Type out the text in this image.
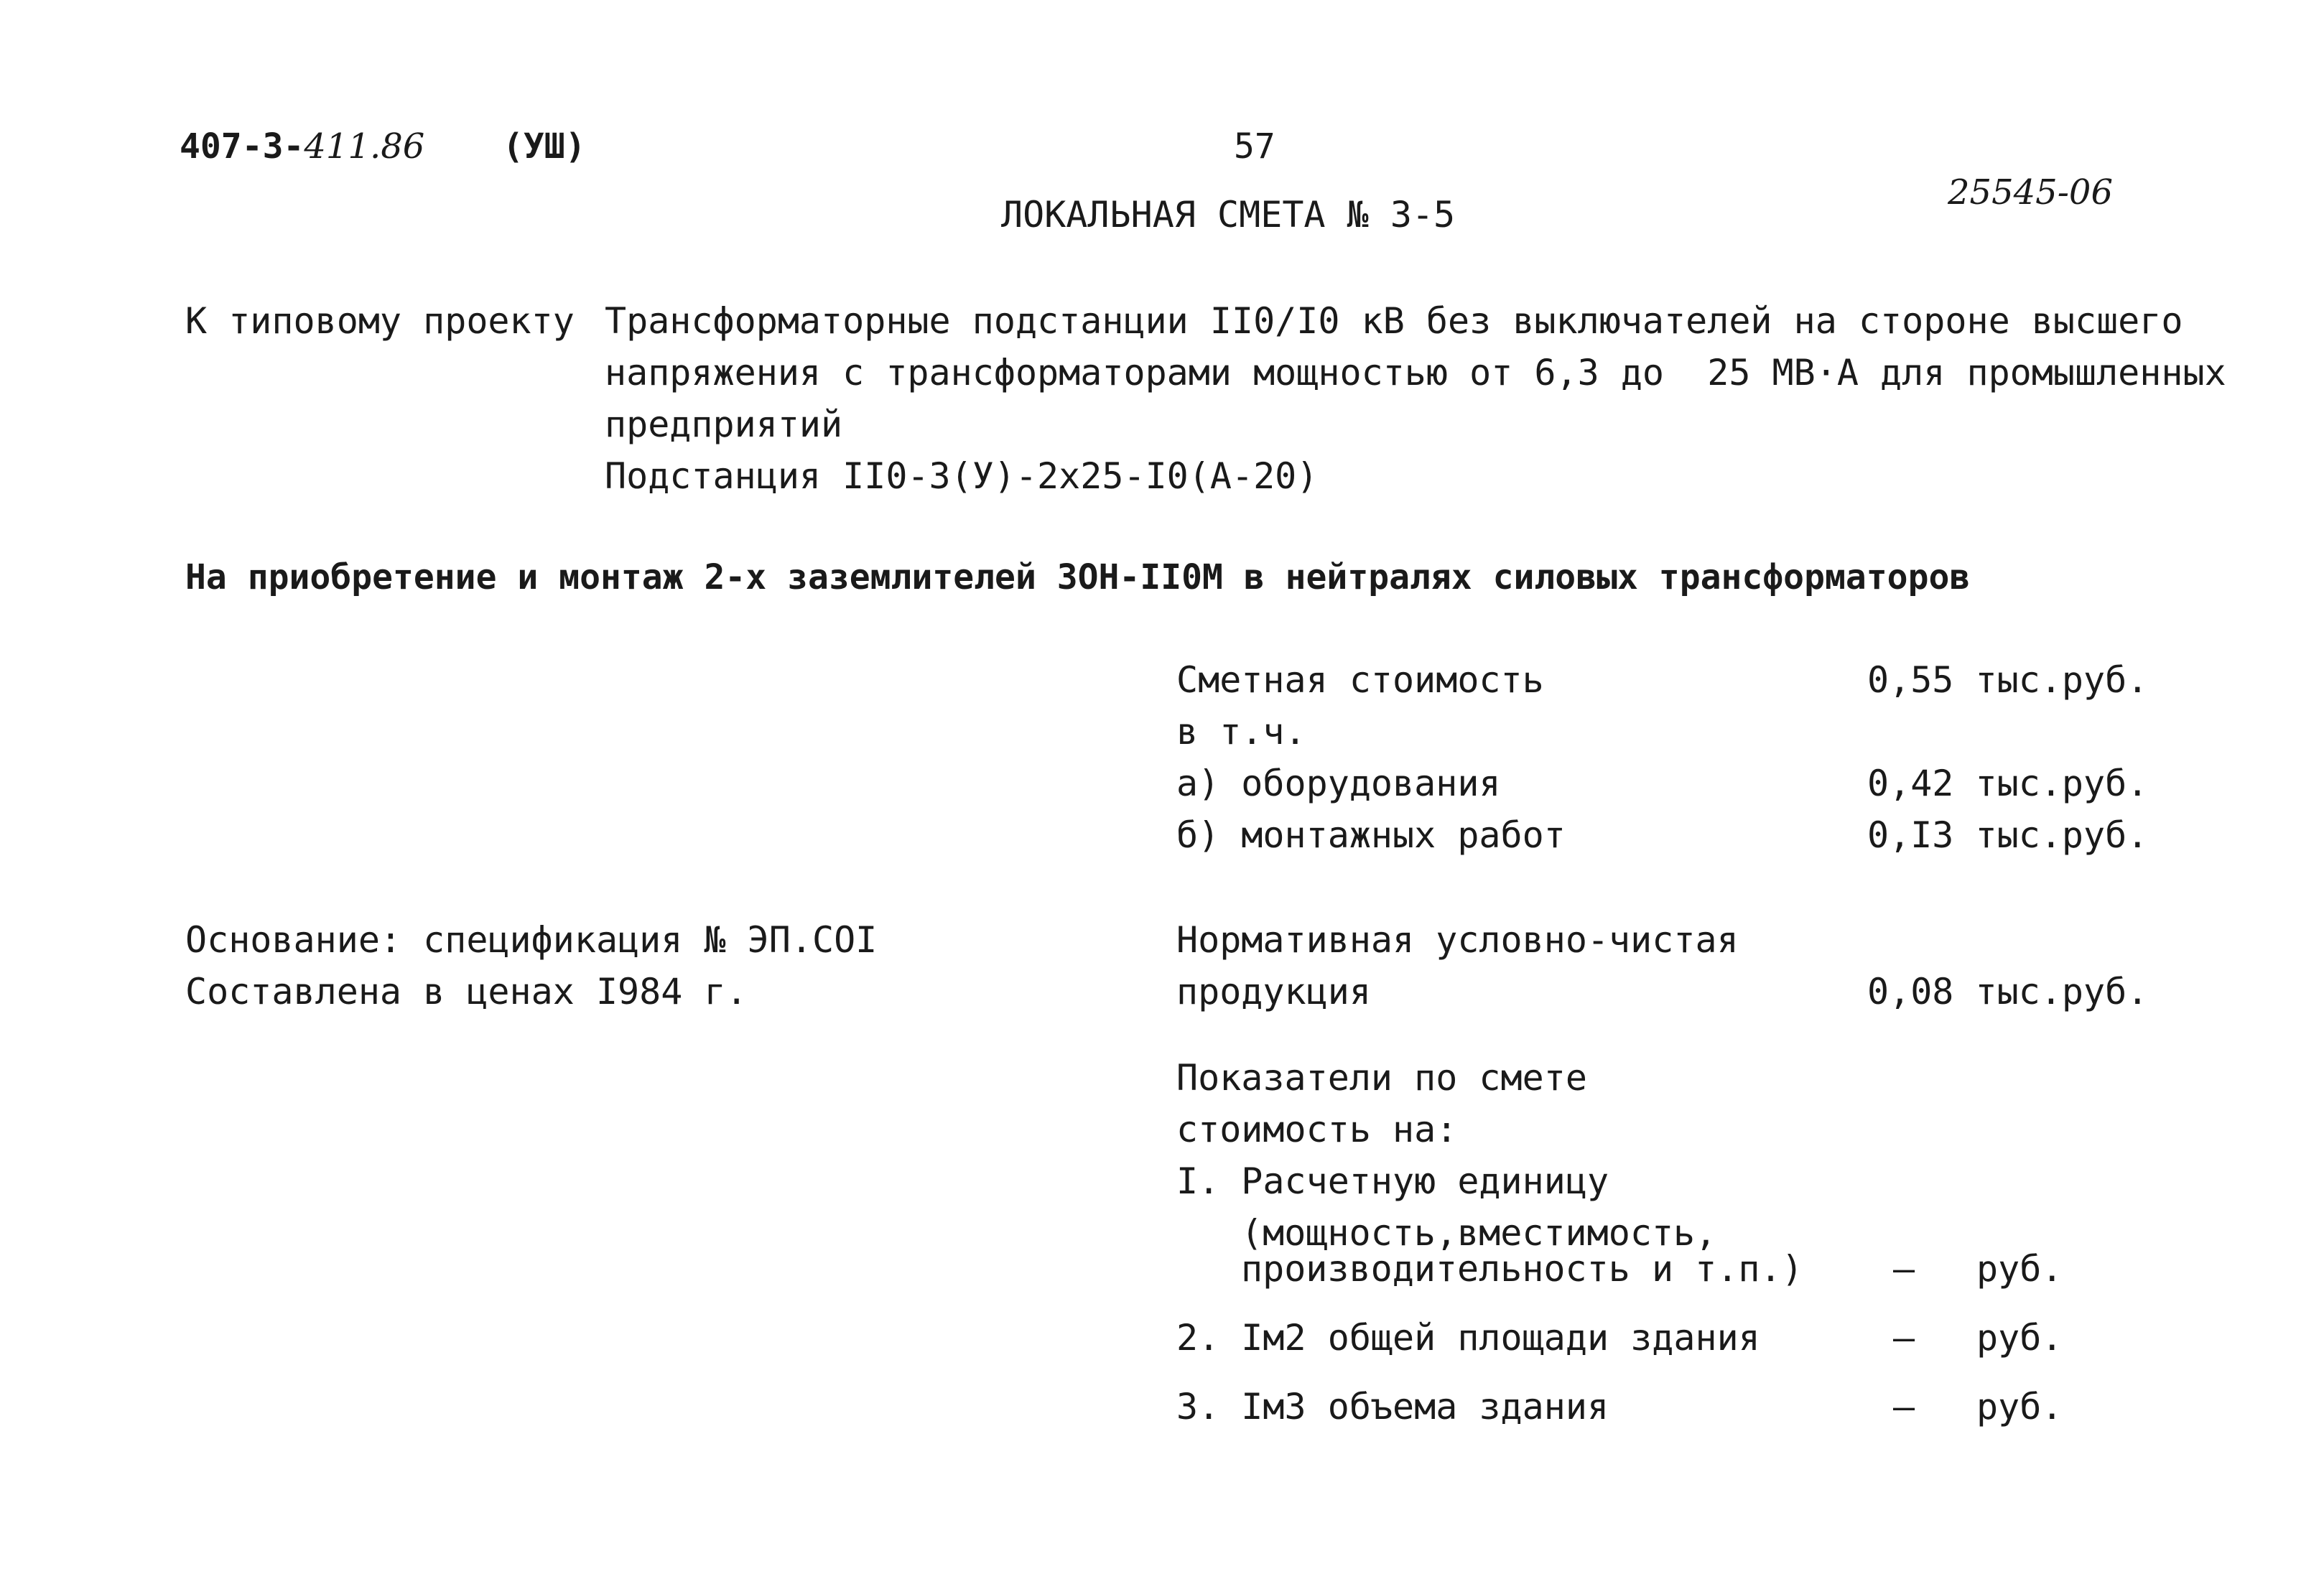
407-3-411.86 (УШ)	57
ЛОКАЛЬНАЯ СМЕТА № 3-5
25545-06
К типовому проекту Трансформаторные подстанции II0/I0 кВ без выключателей на стороне высшего
напряжения с трансформаторами мощностью от 6,3 до  25 МВ·А для промышленных
предприятий
Подстанция II0-3(У)-2х25-I0(А-20)
На приобретение и монтаж 2-х заземлителей ЗОН-II0М в нейтралях силовых трансформаторов
Сметная стоимость	0,55 тыс.руб.
в т.ч.
а) оборудования	0,42 тыс.руб.
б) монтажных работ	0,I3 тыс.руб.
Основание: спецификация № ЭП.СОI
Составлена в ценах I984 г.
Нормативная условно-чистая
продукция	0,08 тыс.руб.
Показатели по смете
стоимость на:
I. Расчетную единицу
(мощность,вместимость,
производительность и т.п.)	– руб.
2. Iм2 общей площади здания	– руб.
3. Iм3 объема здания	– руб.
